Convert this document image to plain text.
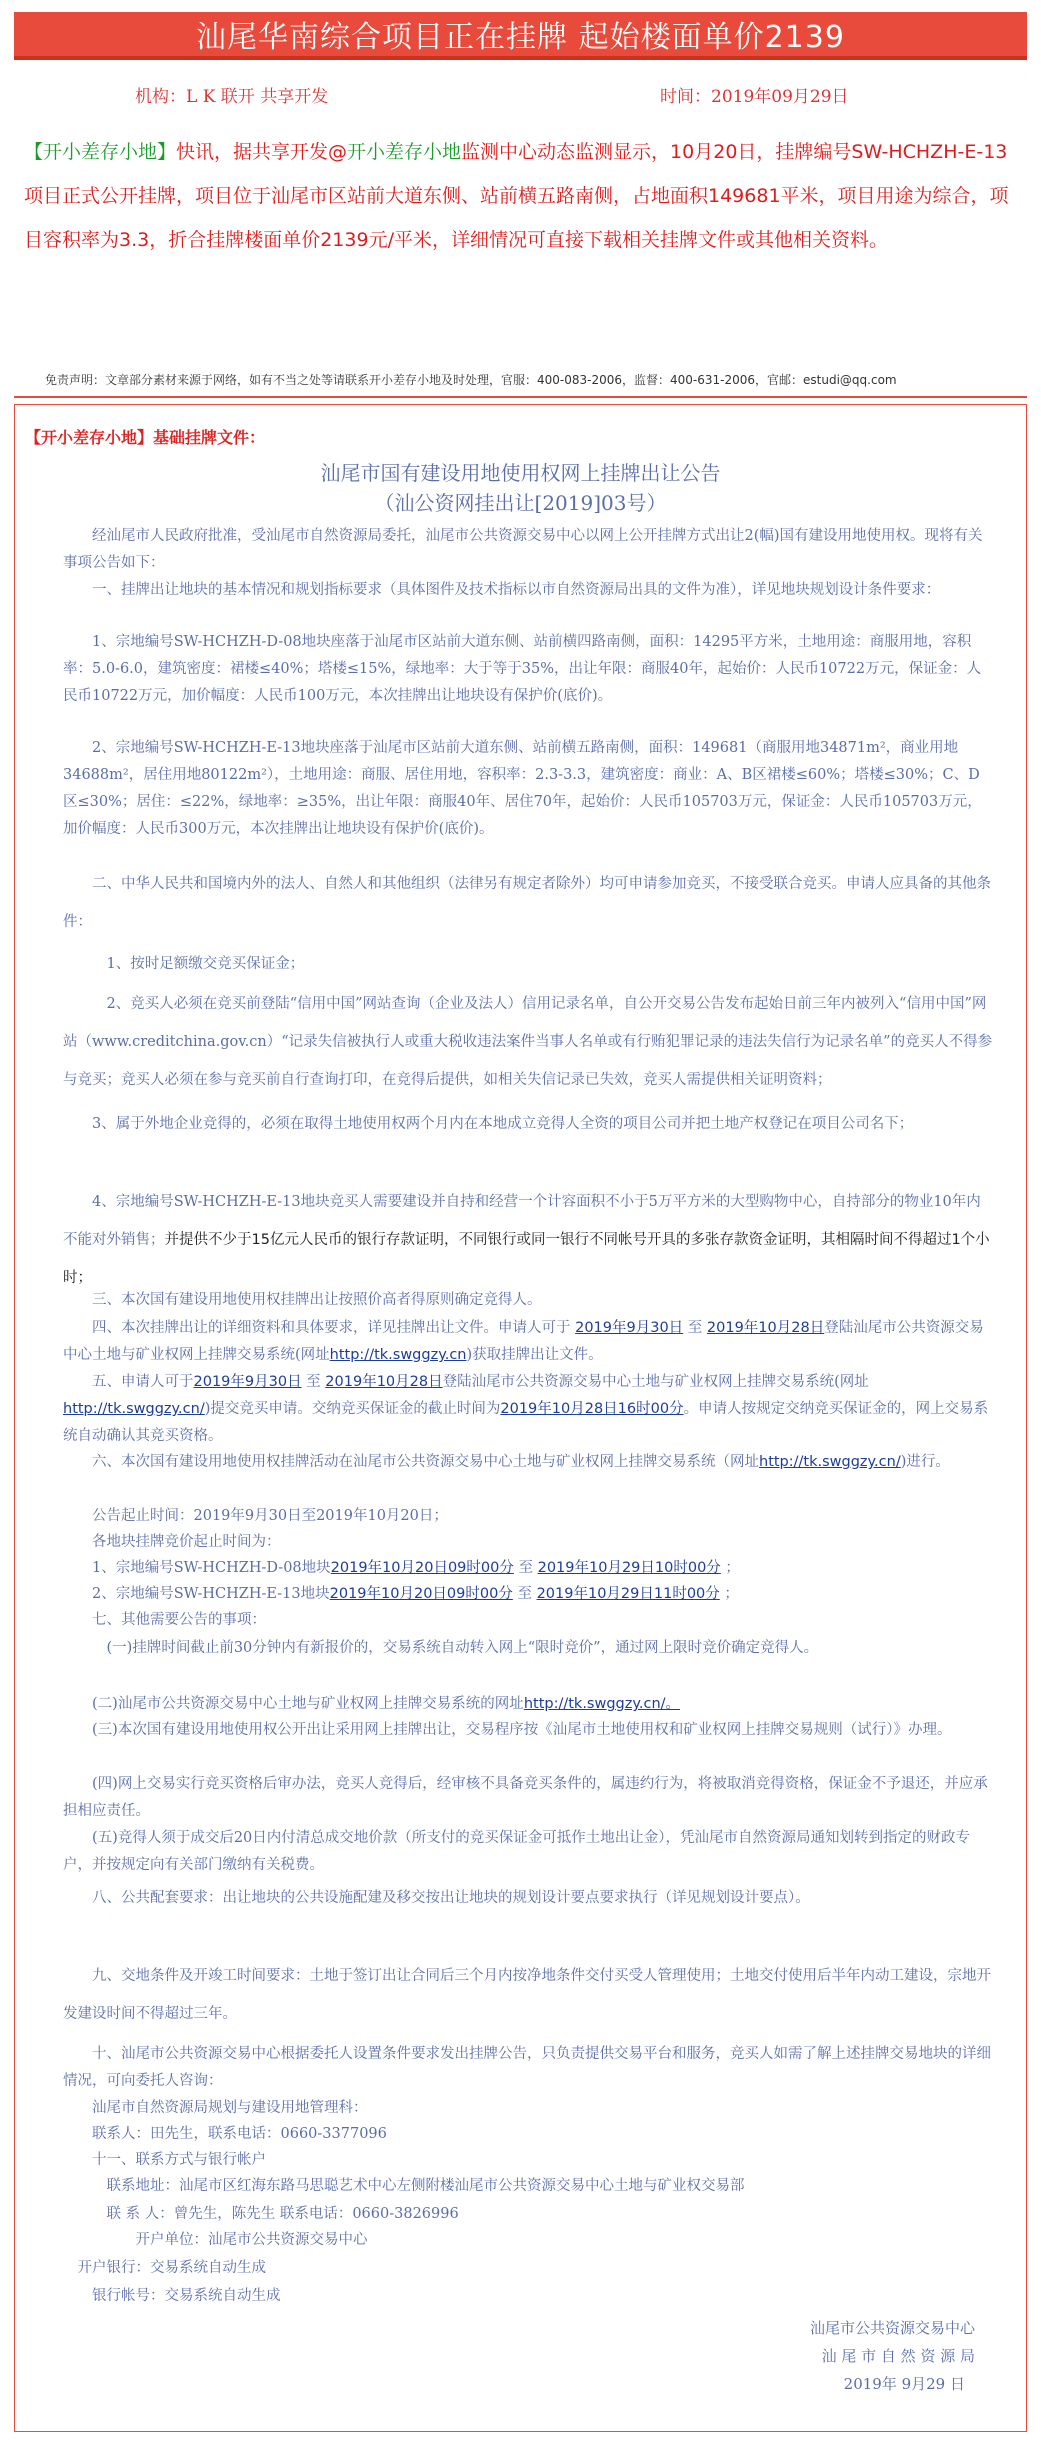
汕尾华南综合项目正在挂牌 起始楼面单价2139
机构：L K 联开 共享开发	时间：2019年09月29日
【开小差存小地】快讯，据共享开发@开小差存小地监测中心动态监测显示，10月20日，挂牌编号SW-HCHZH-E-13项目正式公开挂牌，项目位于汕尾市区站前大道东侧、站前横五路南侧，占地面积149681平米，项目用途为综合，项目容积率为3.3，折合挂牌楼面单价2139元/平米，详细情况可直接下载相关挂牌文件或其他相关资料。
免责声明：文章部分素材来源于网络，如有不当之处等请联系开小差存小地及时处理，官服：400-083-2006，监督：400-631-2006，官邮：estudi@qq.com
【开小差存小地】基础挂牌文件：
汕尾市国有建设用地使用权网上挂牌出让公告
（汕公资网挂出让[2019]03号）
经汕尾市人民政府批准，受汕尾市自然资源局委托，汕尾市公共资源交易中心以网上公开挂牌方式出让2(幅)国有建设用地使用权。现将有关事项公告如下：
一、挂牌出让地块的基本情况和规划指标要求（具体图件及技术指标以市自然资源局出具的文件为准），详见地块规划设计条件要求：
1、宗地编号SW-HCHZH-D-08地块座落于汕尾市区站前大道东侧、站前横四路南侧，面积：14295平方米，土地用途：商服用地，容积率：5.0-6.0，建筑密度：裙楼≤40%；塔楼≤15%，绿地率：大于等于35%，出让年限：商服40年，起始价：人民币10722万元，保证金：人民币10722万元，加价幅度：人民币100万元，本次挂牌出让地块设有保护价(底价)。
2、宗地编号SW-HCHZH-E-13地块座落于汕尾市区站前大道东侧、站前横五路南侧，面积：149681（商服用地34871m²，商业用地34688m²，居住用地80122m²），土地用途：商服、居住用地，容积率：2.3-3.3，建筑密度：商业：A、B区裙楼≤60%；塔楼≤30%；C、D区≤30%；居住：≤22%，绿地率：≥35%，出让年限：商服40年、居住70年，起始价：人民币105703万元，保证金：人民币105703万元，加价幅度：人民币300万元，本次挂牌出让地块设有保护价(底价)。
二、中华人民共和国境内外的法人、自然人和其他组织（法律另有规定者除外）均可申请参加竞买，不接受联合竞买。申请人应具备的其他条件：
1、按时足额缴交竞买保证金；
2、竞买人必须在竞买前登陆“信用中国”网站查询（企业及法人）信用记录名单，自公开交易公告发布起始日前三年内被列入“信用中国”网站（www.creditchina.gov.cn）“记录失信被执行人或重大税收违法案件当事人名单或有行贿犯罪记录的违法失信行为记录名单”的竞买人不得参与竞买；竞买人必须在参与竞买前自行查询打印，在竞得后提供，如相关失信记录已失效，竞买人需提供相关证明资料；
3、属于外地企业竞得的，必须在取得土地使用权两个月内在本地成立竞得人全资的项目公司并把土地产权登记在项目公司名下；
4、宗地编号SW-HCHZH-E-13地块竞买人需要建设并自持和经营一个计容面积不小于5万平方米的大型购物中心，自持部分的物业10年内不能对外销售；并提供不少于15亿元人民币的银行存款证明，不同银行或同一银行不同帐号开具的多张存款资金证明，其相隔时间不得超过1个小时；
三、本次国有建设用地使用权挂牌出让按照价高者得原则确定竞得人。
四、本次挂牌出让的详细资料和具体要求，详见挂牌出让文件。申请人可于 2019年9月30日 至 2019年10月28日登陆汕尾市公共资源交易中心土地与矿业权网上挂牌交易系统(网址http://tk.swggzy.cn)获取挂牌出让文件。
五、申请人可于2019年9月30日 至 2019年10月28日登陆汕尾市公共资源交易中心土地与矿业权网上挂牌交易系统(网址http://tk.swggzy.cn/)提交竞买申请。交纳竞买保证金的截止时间为2019年10月28日16时00分。申请人按规定交纳竞买保证金的，网上交易系统自动确认其竞买资格。
六、本次国有建设用地使用权挂牌活动在汕尾市公共资源交易中心土地与矿业权网上挂牌交易系统（网址http://tk.swggzy.cn/)进行。
公告起止时间：2019年9月30日至2019年10月20日；
各地块挂牌竞价起止时间为：
1、宗地编号SW-HCHZH-D-08地块2019年10月20日09时00分 至 2019年10月29日10时00分 ；
2、宗地编号SW-HCHZH-E-13地块2019年10月20日09时00分 至 2019年10月29日11时00分 ；
七、其他需要公告的事项：
(一)挂牌时间截止前30分钟内有新报价的，交易系统自动转入网上“限时竞价”，通过网上限时竞价确定竞得人。
(二)汕尾市公共资源交易中心土地与矿业权网上挂牌交易系统的网址http://tk.swggzy.cn/。
(三)本次国有建设用地使用权公开出让采用网上挂牌出让，交易程序按《汕尾市土地使用权和矿业权网上挂牌交易规则（试行）》办理。
(四)网上交易实行竞买资格后审办法，竞买人竞得后，经审核不具备竞买条件的，属违约行为，将被取消竞得资格，保证金不予退还，并应承担相应责任。
(五)竞得人须于成交后20日内付清总成交地价款（所支付的竞买保证金可抵作土地出让金），凭汕尾市自然资源局通知划转到指定的财政专户，并按规定向有关部门缴纳有关税费。
八、公共配套要求：出让地块的公共设施配建及移交按出让地块的规划设计要点要求执行（详见规划设计要点）。
九、交地条件及开竣工时间要求：土地于签订出让合同后三个月内按净地条件交付买受人管理使用；土地交付使用后半年内动工建设，宗地开发建设时间不得超过三年。
十、汕尾市公共资源交易中心根据委托人设置条件要求发出挂牌公告，只负责提供交易平台和服务，竞买人如需了解上述挂牌交易地块的详细情况，可向委托人咨询：
汕尾市自然资源局规划与建设用地管理科：
联系人：田先生，联系电话：0660-3377096
十一、联系方式与银行帐户
联系地址：汕尾市区红海东路马思聪艺术中心左侧附楼汕尾市公共资源交易中心土地与矿业权交易部
联 系 人：曾先生，陈先生 联系电话：0660-3826996
开户单位：汕尾市公共资源交易中心
开户银行：交易系统自动生成
银行帐号：交易系统自动生成
汕尾市公共资源交易中心
汕 尾 市 自 然 资 源 局
2019年 9月29 日
